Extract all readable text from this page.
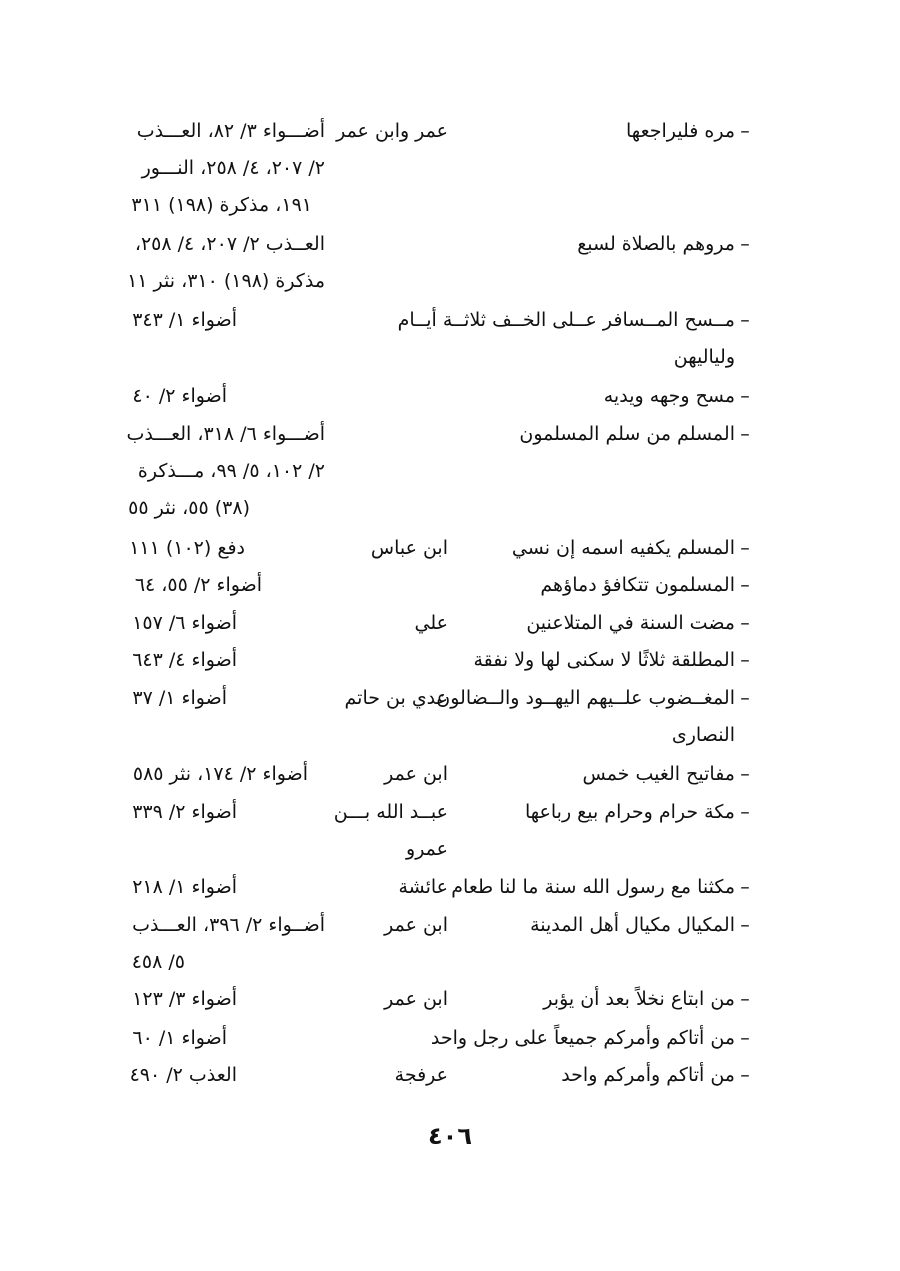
–
مره فليراجعها
عمر وابن عمر
أضـــواء ٣/ ٨٢، العـــذب
٢/ ٢٠٧، ٤/ ٢٥٨، النـــور
١٩١، مذكرة (١٩٨) ٣١١
–
مروهم بالصلاة لسبع
العــذب ٢/ ٢٠٧، ٤/ ٢٥٨،
مذكرة (١٩٨) ٣١٠، نثر ١١
–
مــسح المــسافر عــلى الخــف ثلاثــة أيــام
ولياليهن
أضواء ١/ ٣٤٣
–
مسح وجهه ويديه
أضواء ٢/ ٤٠
–
المسلم من سلم المسلمون
أضـــواء ٦/ ٣١٨، العـــذب
٢/ ١٠٢، ٥/ ٩٩، مـــذكرة
(٣٨) ٥٥، نثر ٥٥
–
المسلم يكفيه اسمه إن نسي
ابن عباس
دفع (١٠٢) ١١١
–
المسلمون تتكافؤ دماؤهم
أضواء ٢/ ٥٥، ٦٤
–
مضت السنة في المتلاعنين
علي
أضواء ٦/ ١٥٧
–
المطلقة ثلاثًا لا سكنى لها ولا نفقة
أضواء ٤/ ٦٤٣
–
المغــضوب علــيهم اليهــود والــضالون
النصارى
عدي بن حاتم
أضواء ١/ ٣٧
–
مفاتيح الغيب خمس
ابن عمر
أضواء ٢/ ١٧٤، نثر ٥٨٥
–
مكة حرام وحرام بيع رباعها
عبــد الله بـــن
عمرو
أضواء ٢/ ٣٣٩
–
مكثنا مع رسول الله سنة ما لنا طعام
عائشة
أضواء ١/ ٢١٨
–
المكيال مكيال أهل المدينة
ابن عمر
أضــواء ٢/ ٣٩٦، العـــذب
٥/ ٤٥٨
–
من ابتاع نخلاً بعد أن يؤبر
ابن عمر
أضواء ٣/ ١٢٣
–
من أتاكم وأمركم جميعاً على رجل واحد
أضواء ١/ ٦٠
–
من أتاكم وأمركم واحد
عرفجة
العذب ٢/ ٤٩٠
٤٠٦
